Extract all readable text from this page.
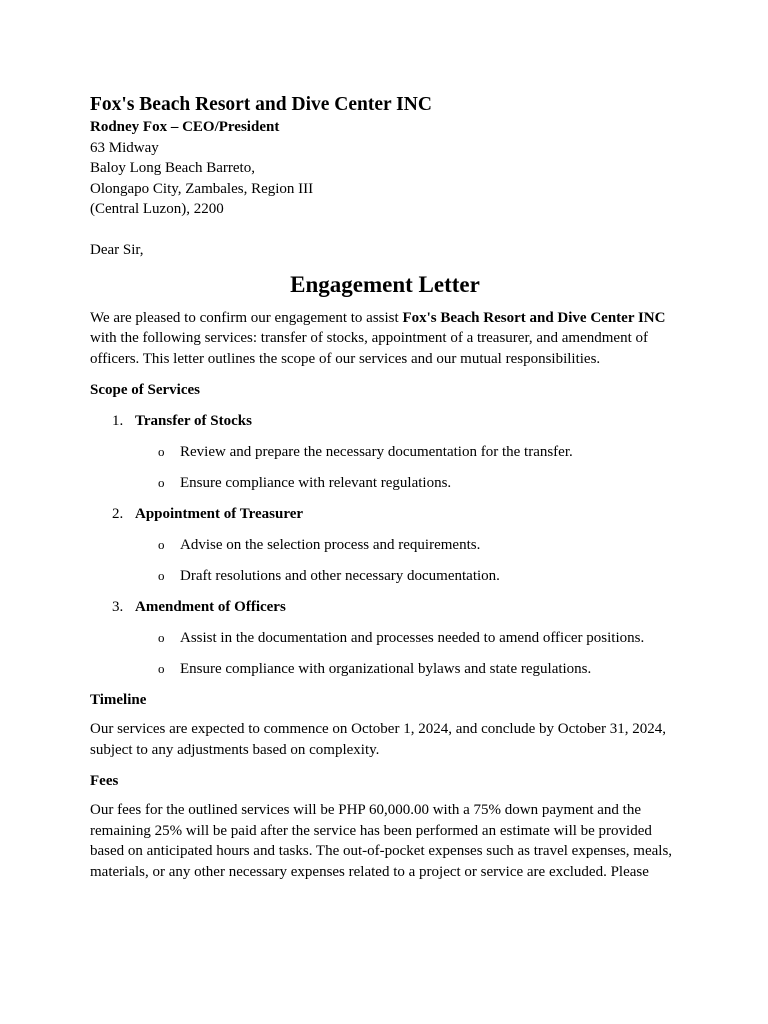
Fox's Beach Resort and Dive Center INC

Rodney Fox – CEO/President

63 Midway

Baloy Long Beach Barreto,

Olongapo City, Zambales, Region III

(Central Luzon), 2200

Dear Sir,

Engagement Letter

We are pleased to confirm our engagement to assist Fox's Beach Resort and Dive Center INC with the following services: transfer of stocks, appointment of a treasurer, and amendment of officers. This letter outlines the scope of our services and our mutual responsibilities.

Scope of Services

1. Transfer of Stocks
o Review and prepare the necessary documentation for the transfer.
o Ensure compliance with relevant regulations.
2. Appointment of Treasurer
o Advise on the selection process and requirements.
o Draft resolutions and other necessary documentation.
3. Amendment of Officers
o Assist in the documentation and processes needed to amend officer positions.
o Ensure compliance with organizational bylaws and state regulations.

Timeline

Our services are expected to commence on October 1, 2024, and conclude by October 31, 2024, subject to any adjustments based on complexity.

Fees

Our fees for the outlined services will be PHP 60,000.00 with a 75% down payment and the remaining 25% will be paid after the service has been performed an estimate will be provided based on anticipated hours and tasks. The out-of-pocket expenses such as travel expenses, meals, materials, or any other necessary expenses related to a project or service are excluded. Please
